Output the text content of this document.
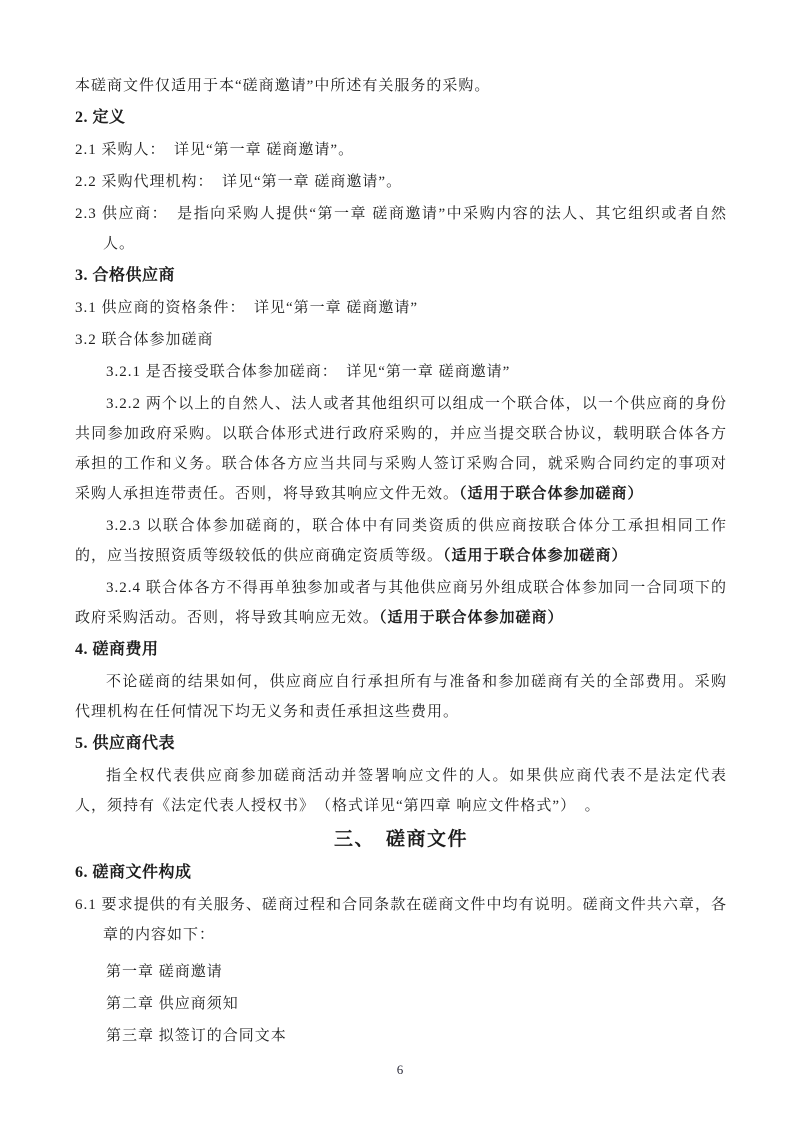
本磋商文件仅适用于本“磋商邀请”中所述有关服务的采购。

2. 定义

2.1 采购人：　详见“第一章 磋商邀请”。

2.2 采购代理机构：　详见“第一章 磋商邀请”。

2.3 供应商：　是指向采购人提供“第一章 磋商邀请”中采购内容的法人、其它组织或者自然人。

3. 合格供应商

3.1 供应商的资格条件：　详见“第一章 磋商邀请”

3.2 联合体参加磋商

3.2.1 是否接受联合体参加磋商：　详见“第一章 磋商邀请”

3.2.2 两个以上的自然人、法人或者其他组织可以组成一个联合体，以一个供应商的身份共同参加政府采购。以联合体形式进行政府采购的，并应当提交联合协议，载明联合体各方承担的工作和义务。联合体各方应当共同与采购人签订采购合同，就采购合同约定的事项对采购人承担连带责任。否则，将导致其响应文件无效。（适用于联合体参加磋商）

3.2.3 以联合体参加磋商的，联合体中有同类资质的供应商按联合体分工承担相同工作的，应当按照资质等级较低的供应商确定资质等级。（适用于联合体参加磋商）

3.2.4 联合体各方不得再单独参加或者与其他供应商另外组成联合体参加同一合同项下的政府采购活动。否则，将导致其响应无效。（适用于联合体参加磋商）

4. 磋商费用

不论磋商的结果如何，供应商应自行承担所有与准备和参加磋商有关的全部费用。采购代理机构在任何情况下均无义务和责任承担这些费用。

5. 供应商代表

指全权代表供应商参加磋商活动并签署响应文件的人。如果供应商代表不是法定代表人，须持有《法定代表人授权书》　（格式详见“第四章 响应文件格式”）　。

三、　磋商文件

6. 磋商文件构成

6.1 要求提供的有关服务、磋商过程和合同条款在磋商文件中均有说明。磋商文件共六章，各章的内容如下：

第一章 磋商邀请

第二章 供应商须知

第三章 拟签订的合同文本

6
